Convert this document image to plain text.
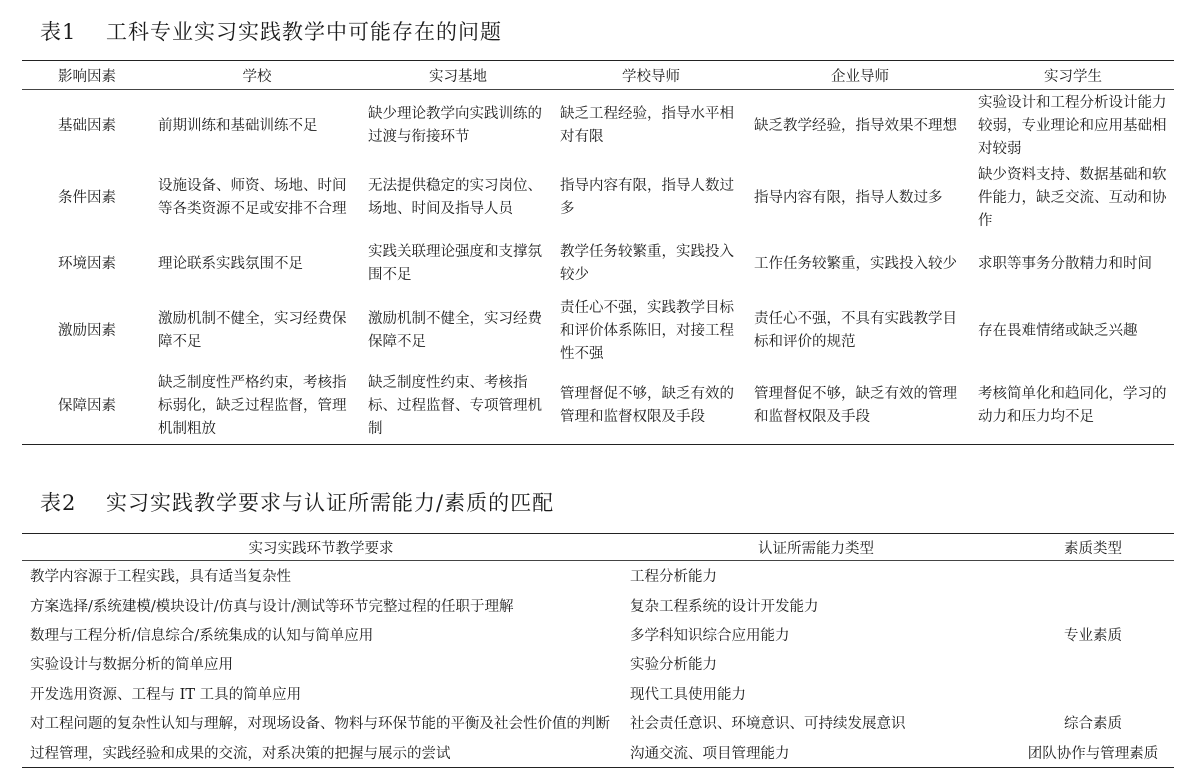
表1 工科专业实习实践教学中可能存在的问题
影响因素	学校	实习基地	学校导师	企业导师	实习学生
基础因素	前期训练和基础训练不足	缺少理论教学向实践训练的过渡与衔接环节	缺乏工程经验，指导水平相对有限	缺乏教学经验，指导效果不理想	实验设计和工程分析设计能力较弱，专业理论和应用基础相对较弱
条件因素	设施设备、师资、场地、时间等各类资源不足或安排不合理	无法提供稳定的实习岗位、场地、时间及指导人员	指导内容有限，指导人数过多	指导内容有限，指导人数过多	缺少资料支持、数据基础和软件能力，缺乏交流、互动和协作
环境因素	理论联系实践氛围不足	实践关联理论强度和支撑氛围不足	教学任务较繁重，实践投入较少	工作任务较繁重，实践投入较少	求职等事务分散精力和时间
激励因素	激励机制不健全，实习经费保障不足	激励机制不健全，实习经费保障不足	责任心不强，实践教学目标和评价体系陈旧，对接工程性不强	责任心不强，不具有实践教学目标和评价的规范	存在畏难情绪或缺乏兴趣
保障因素	缺乏制度性严格约束，考核指标弱化，缺乏过程监督，管理机制粗放	缺乏制度性约束、考核指标、过程监督、专项管理机制	管理督促不够，缺乏有效的管理和监督权限及手段	管理督促不够，缺乏有效的管理和监督权限及手段	考核简单化和趋同化，学习的动力和压力均不足
表2 实习实践教学要求与认证所需能力/素质的匹配
实习实践环节教学要求	认证所需能力类型	素质类型
教学内容源于工程实践，具有适当复杂性	工程分析能力	
方案选择/系统建模/模块设计/仿真与设计/测试等环节完整过程的任职于理解	复杂工程系统的设计开发能力	
数理与工程分析/信息综合/系统集成的认知与简单应用	多学科知识综合应用能力	专业素质
实验设计与数据分析的简单应用	实验分析能力	
开发选用资源、工程与 IT 工具的简单应用	现代工具使用能力	
对工程问题的复杂性认知与理解，对现场设备、物料与环保节能的平衡及社会性价值的判断	社会责任意识、环境意识、可持续发展意识	综合素质
过程管理，实践经验和成果的交流，对系决策的把握与展示的尝试	沟通交流、项目管理能力	团队协作与管理素质
